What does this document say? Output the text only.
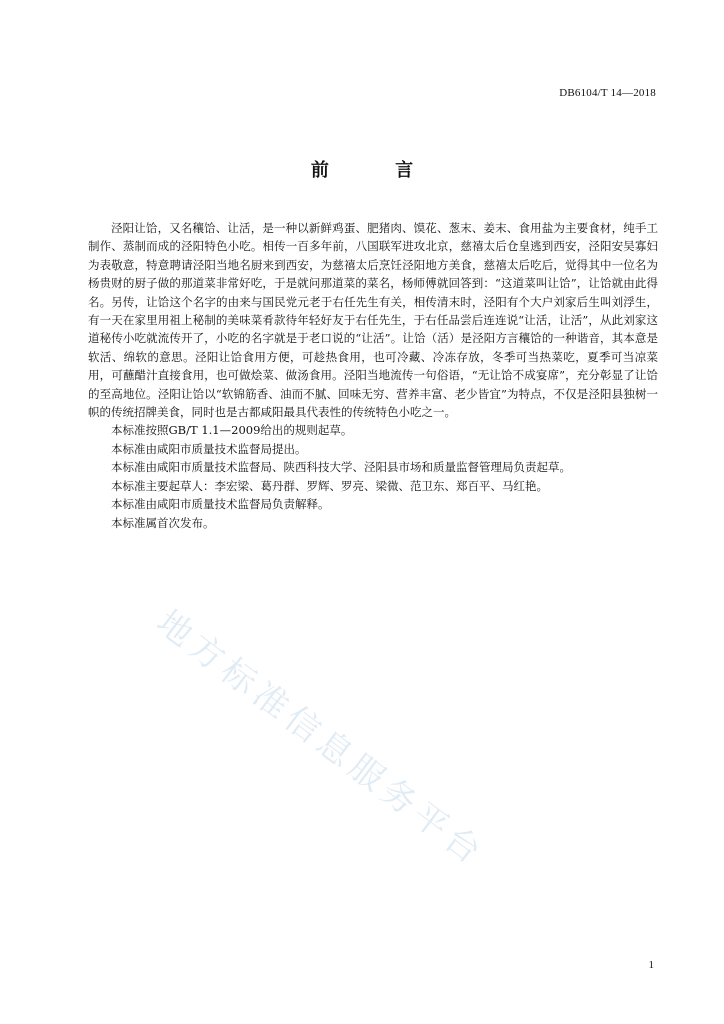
DB6104/T 14—2018
前 言

泾阳让饸，又名穰饸、让活，是一种以新鲜鸡蛋、肥猪肉、馍花、葱末、姜末、食用盐为主要食材，纯手工制作、蒸制而成的泾阳特色小吃。相传一百多年前，八国联军进攻北京，慈禧太后仓皇逃到西安，泾阳安吴寡妇为表敬意，特意聘请泾阳当地名厨来到西安，为慈禧太后烹饪泾阳地方美食，慈禧太后吃后，觉得其中一位名为杨贵财的厨子做的那道菜非常好吃，于是就问那道菜的菜名，杨师傅就回答到：“这道菜叫让饸”，让饸就由此得名。另传，让饸这个名字的由来与国民党元老于右任先生有关，相传清末时，泾阳有个大户刘家后生叫刘浮生，有一天在家里用祖上秘制的美味菜肴款待年轻好友于右任先生，于右任品尝后连连说“让活，让活”，从此刘家这道秘传小吃就流传开了，小吃的名字就是于老口说的“让活”。让饸（活）是泾阳方言穰饸的一种谐音，其本意是软活、绵软的意思。泾阳让饸食用方便，可趁热食用，也可冷藏、冷冻存放，冬季可当热菜吃，夏季可当凉菜用，可蘸醋汁直接食用，也可做烩菜、做汤食用。泾阳当地流传一句俗语，“无让饸不成宴席”，充分彰显了让饸的至高地位。泾阳让饸以“软锦筋香、油而不腻、回味无穷、营养丰富、老少皆宜”为特点，不仅是泾阳县独树一帜的传统招牌美食，同时也是古都咸阳最具代表性的传统特色小吃之一。

本标准按照GB/T 1.1—2009给出的规则起草。

本标准由咸阳市质量技术监督局提出。

本标准由咸阳市质量技术监督局、陕西科技大学、泾阳县市场和质量监督管理局负责起草。

本标准主要起草人：李宏梁、葛丹群、罗辉、罗亮、梁微、范卫东、郑百平、马红艳。

本标准由咸阳市质量技术监督局负责解释。

本标准属首次发布。

地方标准信息服务平台
1
